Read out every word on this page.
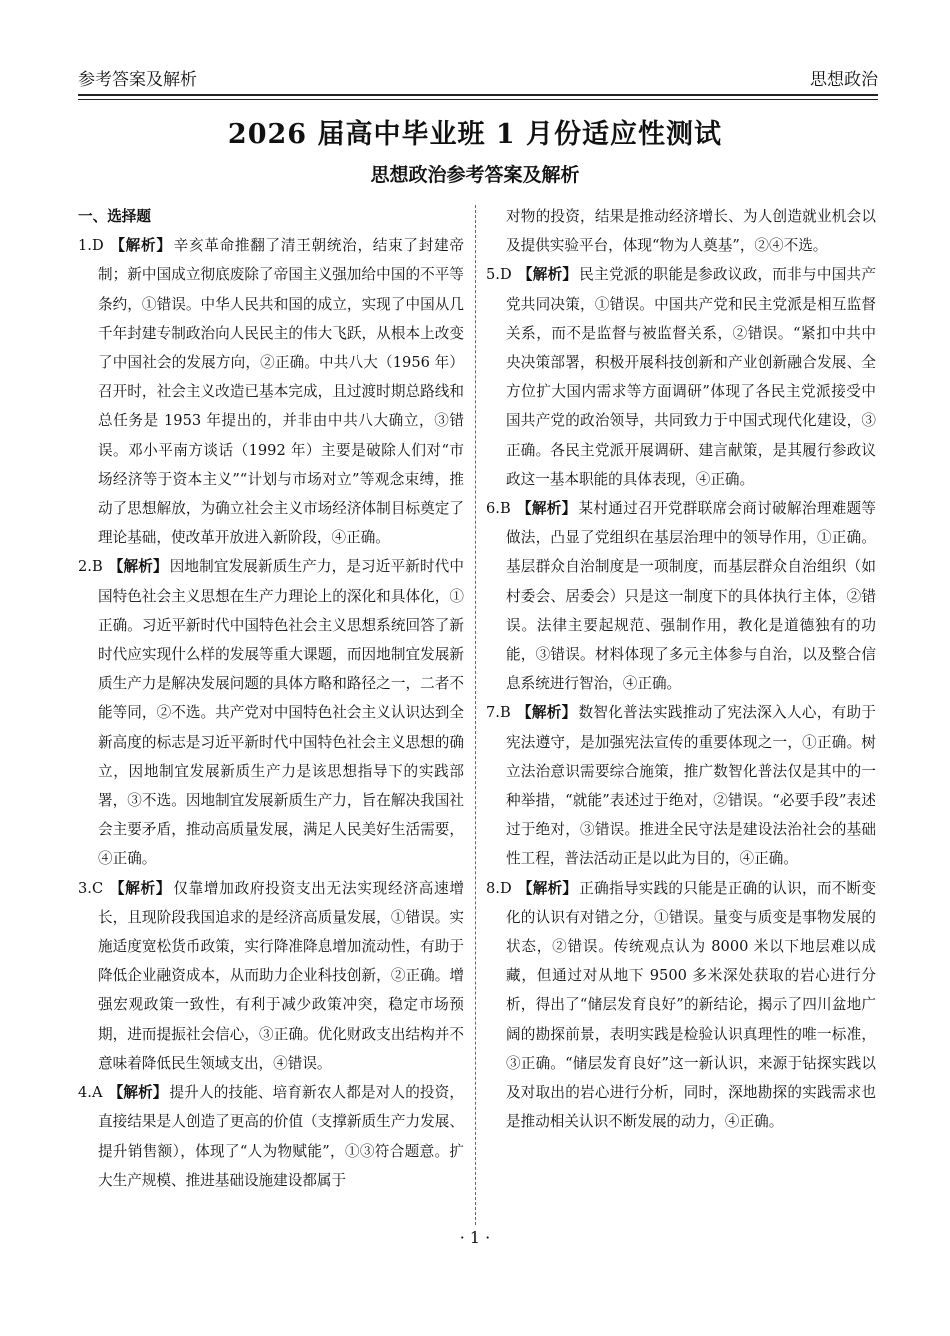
参考答案及解析	思想政治
2026 届高中毕业班 1 月份适应性测试
思想政治参考答案及解析
一、选择题

1.D 【解析】 辛亥革命推翻了清王朝统治，结束了封建帝制；新中国成立彻底废除了帝国主义强加给中国的不平等条约，①错误。中华人民共和国的成立，实现了中国从几千年封建专制政治向人民民主的伟大飞跃，从根本上改变了中国社会的发展方向，②正确。中共八大（1956 年）召开时，社会主义改造已基本完成，且过渡时期总路线和总任务是 1953 年提出的，并非由中共八大确立，③错误。邓小平南方谈话（1992 年）主要是破除人们对“市场经济等于资本主义”“计划与市场对立”等观念束缚，推动了思想解放，为确立社会主义市场经济体制目标奠定了理论基础，使改革开放进入新阶段，④正确。

2.B 【解析】 因地制宜发展新质生产力，是习近平新时代中国特色社会主义思想在生产力理论上的深化和具体化，①正确。习近平新时代中国特色社会主义思想系统回答了新时代应实现什么样的发展等重大课题，而因地制宜发展新质生产力是解决发展问题的具体方略和路径之一，二者不能等同，②不选。共产党对中国特色社会主义认识达到全新高度的标志是习近平新时代中国特色社会主义思想的确立，因地制宜发展新质生产力是该思想指导下的实践部署，③不选。因地制宜发展新质生产力，旨在解决我国社会主要矛盾，推动高质量发展，满足人民美好生活需要，④正确。

3.C 【解析】 仅靠增加政府投资支出无法实现经济高速增长，且现阶段我国追求的是经济高质量发展，①错误。实施适度宽松货币政策，实行降准降息增加流动性，有助于降低企业融资成本，从而助力企业科技创新，②正确。增强宏观政策一致性，有利于减少政策冲突，稳定市场预期，进而提振社会信心，③正确。优化财政支出结构并不意味着降低民生领域支出，④错误。

4.A 【解析】 提升人的技能、培育新农人都是对人的投资，直接结果是人创造了更高的价值（支撑新质生产力发展、提升销售额），体现了“人为物赋能”，①③符合题意。扩大生产规模、推进基础设施建设都属于

对物的投资，结果是推动经济增长、为人创造就业机会以及提供实验平台，体现“物为人奠基”，②④不选。

5.D 【解析】 民主党派的职能是参政议政，而非与中国共产党共同决策，①错误。中国共产党和民主党派是相互监督关系，而不是监督与被监督关系，②错误。“紧扣中共中央决策部署，积极开展科技创新和产业创新融合发展、全方位扩大国内需求等方面调研”体现了各民主党派接受中国共产党的政治领导，共同致力于中国式现代化建设，③正确。各民主党派开展调研、建言献策，是其履行参政议政这一基本职能的具体表现，④正确。

6.B 【解析】 某村通过召开党群联席会商讨破解治理难题等做法，凸显了党组织在基层治理中的领导作用，①正确。基层群众自治制度是一项制度，而基层群众自治组织（如村委会、居委会）只是这一制度下的具体执行主体，②错误。法律主要起规范、强制作用，教化是道德独有的功能，③错误。材料体现了多元主体参与自治，以及整合信息系统进行智治，④正确。

7.B 【解析】 数智化普法实践推动了宪法深入人心，有助于宪法遵守，是加强宪法宣传的重要体现之一，①正确。树立法治意识需要综合施策，推广数智化普法仅是其中的一种举措，“就能”表述过于绝对，②错误。“必要手段”表述过于绝对，③错误。推进全民守法是建设法治社会的基础性工程，普法活动正是以此为目的，④正确。

8.D 【解析】 正确指导实践的只能是正确的认识，而不断变化的认识有对错之分，①错误。量变与质变是事物发展的状态，②错误。传统观点认为 8000 米以下地层难以成藏，但通过对从地下 9500 多米深处获取的岩心进行分析，得出了“储层发育良好”的新结论，揭示了四川盆地广阔的勘探前景，表明实践是检验认识真理性的唯一标准，③正确。“储层发育良好”这一新认识，来源于钻探实践以及对取出的岩心进行分析，同时，深地勘探的实践需求也是推动相关认识不断发展的动力，④正确。

· 1 ·
